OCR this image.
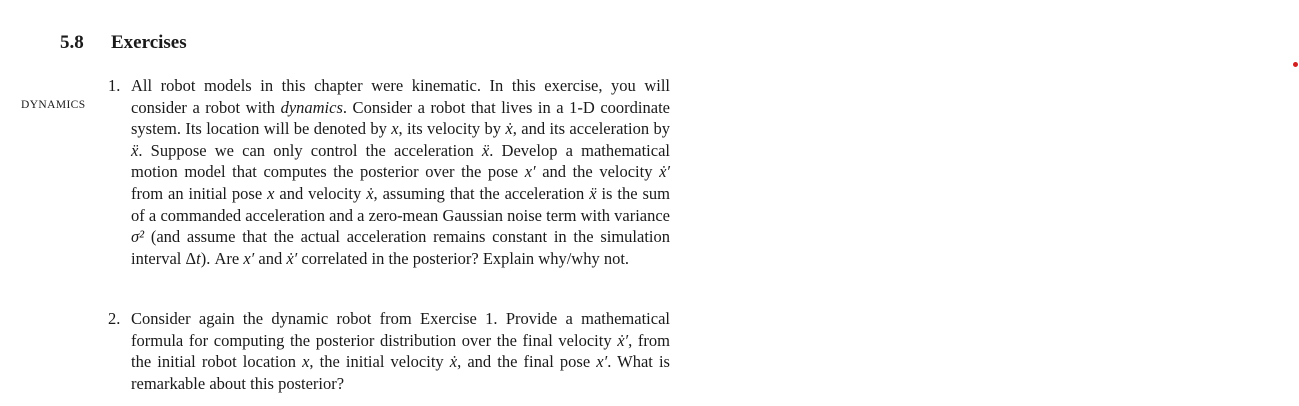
5.8 Exercises
DYNAMICS
1. All robot models in this chapter were kinematic. In this exercise, you will consider a robot with dynamics. Consider a robot that lives in a 1-D coordinate system. Its location will be denoted by x, its velocity by ẋ, and its acceleration by ẍ. Suppose we can only control the acceleration ẍ. Develop a mathematical motion model that computes the posterior over the pose x′ and the velocity ẋ′ from an initial pose x and velocity ẋ, assuming that the acceleration ẍ is the sum of a commanded acceleration and a zero-mean Gaussian noise term with variance σ² (and assume that the actual acceleration remains constant in the simulation interval Δt). Are x′ and ẋ′ correlated in the posterior? Explain why/why not.
2. Consider again the dynamic robot from Exercise 1. Provide a mathematical formula for computing the posterior distribution over the final velocity ẋ′, from the initial robot location x, the initial velocity ẋ, and the final pose x′. What is remarkable about this posterior?
